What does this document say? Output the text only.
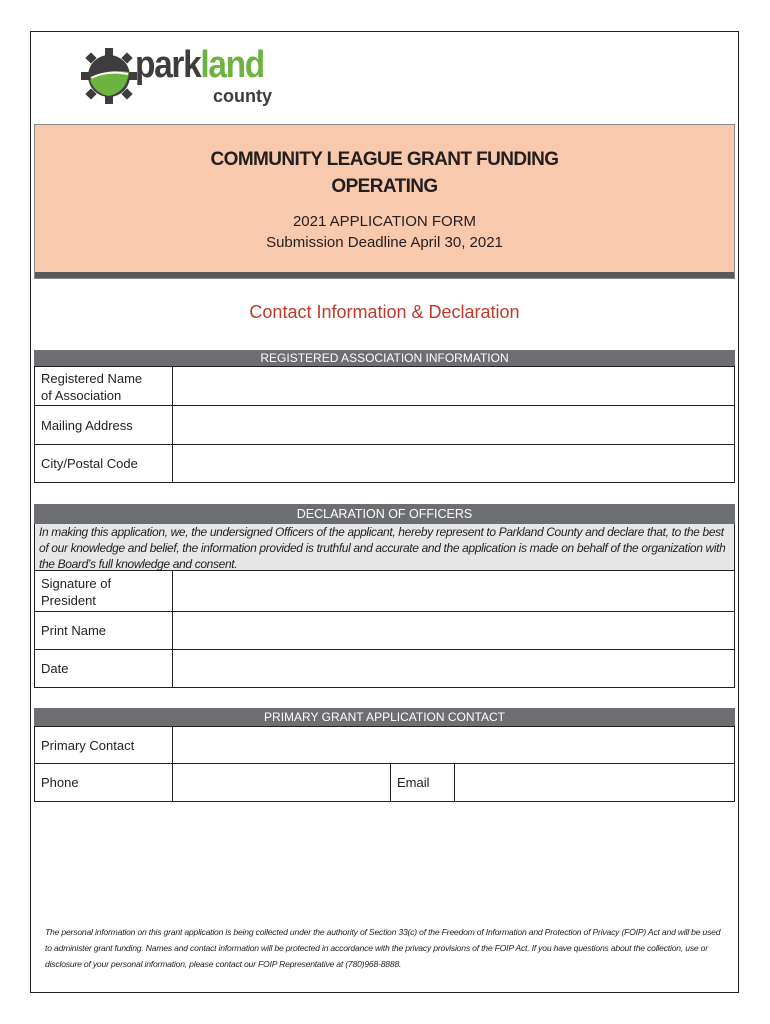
parkland
county
COMMUNITY LEAGUE GRANT FUNDING
OPERATING
2021 APPLICATION FORM
Submission Deadline April 30, 2021
Contact Information & Declaration
REGISTERED ASSOCIATION INFORMATION
Registered Name
of Association
Mailing Address
City/Postal Code
DECLARATION OF OFFICERS

In making this application, we, the undersigned Officers of the applicant, hereby represent to Parkland County and declare that, to the best of our knowledge and belief, the information provided is truthful and accurate and the application is made on behalf of the organization with the Board’s full knowledge and consent.

Signature of
President
Print Name
Date
PRIMARY GRANT APPLICATION CONTACT
Primary Contact
Phone	Email
The personal information on this grant application is being collected under the authority of Section 33(c) of the Freedom of Information and Protection of Privacy (FOIP) Act and will be used to administer grant funding. Names and contact information will be protected in accordance with the privacy provisions of the FOIP Act. If you have questions about the collection, use or disclosure of your personal information, please contact our FOIP Representative at (780)968-8888.
